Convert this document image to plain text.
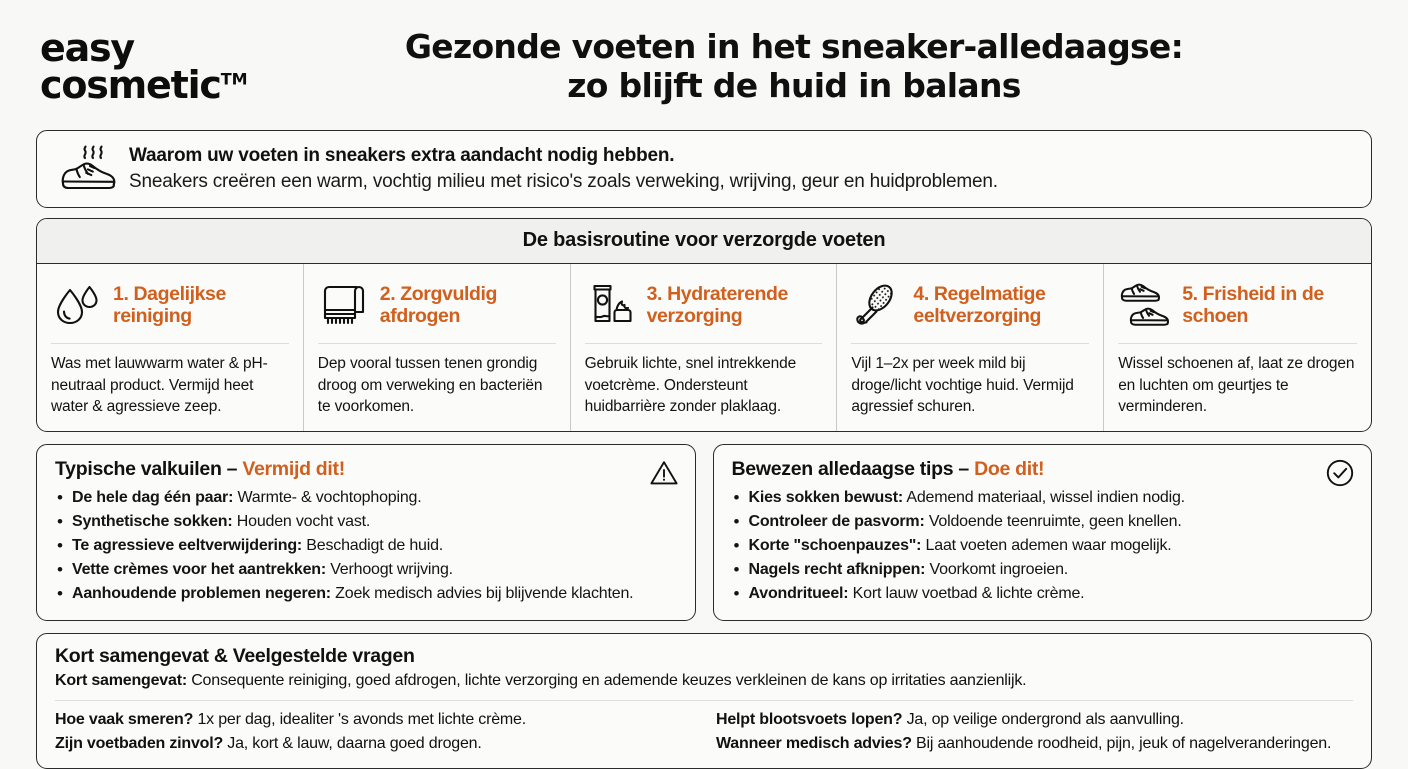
easy
cosmetic™
Gezonde voeten in het sneaker-alledaagse:
zo blijft de huid in balans
Waarom uw voeten in sneakers extra aandacht nodig hebben.
Sneakers creëren een warm, vochtig milieu met risico's zoals verweking, wrijving, geur en huidproblemen.
De basisroutine voor verzorgde voeten
1. Dagelijkse reiniging
Was met lauwwarm water & pH-neutraal product. Vermijd heet water & agressieve zeep.
2. Zorgvuldig afdrogen
Dep vooral tussen tenen grondig droog om verweking en bacteriën te voorkomen.
3. Hydraterende verzorging
Gebruik lichte, snel intrekkende voetcrème. Ondersteunt huidbarrière zonder plaklaag.
4. Regelmatige eeltverzorging
Vijl 1–2x per week mild bij droge/licht vochtige huid. Vermijd agressief schuren.
5. Frisheid in de schoen
Wissel schoenen af, laat ze drogen en luchten om geurtjes te verminderen.
Typische valkuilen – Vermijd dit!
• De hele dag één paar: Warmte- & vochtophoping.
• Synthetische sokken: Houden vocht vast.
• Te agressieve eeltverwijdering: Beschadigt de huid.
• Vette crèmes voor het aantrekken: Verhoogt wrijving.
• Aanhoudende problemen negeren: Zoek medisch advies bij blijvende klachten.
Bewezen alledaagse tips – Doe dit!
• Kies sokken bewust: Ademend materiaal, wissel indien nodig.
• Controleer de pasvorm: Voldoende teenruimte, geen knellen.
• Korte "schoenpauzes": Laat voeten ademen waar mogelijk.
• Nagels recht afknippen: Voorkomt ingroeien.
• Avondritueel: Kort lauw voetbad & lichte crème.
Kort samengevat & Veelgestelde vragen
Kort samengevat: Consequente reiniging, goed afdrogen, lichte verzorging en ademende keuzes verkleinen de kans op irritaties aanzienlijk.
Hoe vaak smeren? 1x per dag, idealiter 's avonds met lichte crème.
Zijn voetbaden zinvol? Ja, kort & lauw, daarna goed drogen.
Helpt blootsvoets lopen? Ja, op veilige ondergrond als aanvulling.
Wanneer medisch advies? Bij aanhoudende roodheid, pijn, jeuk of nagelveranderingen.
